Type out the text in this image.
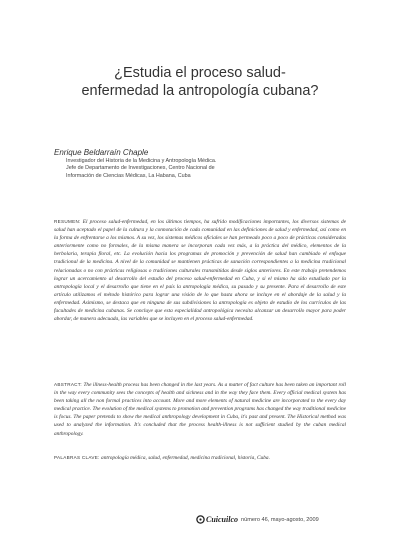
¿Estudia el proceso salud-
enfermedad la antropología cubana?
Enrique Beldarraín Chaple
Investigador del Historia de la Medicina y Antropología Médica.
Jefe de Departamento de Investigaciones, Centro Nacional de
Información de Ciencias Médicas, La Habana, Cuba
RESUMEN: El proceso salud-enfermedad, en los últimos tiempos, ha sufrido modificaciones importantes, los diversos sistemas de salud han aceptado el papel de la cultura y la connotación de cada comunidad en las definiciones de salud y enfermedad, así como en la forma de enfrentarse a los mismos. A su vez, los sistemas médicos oficiales se han permeado poco a poco de prácticas consideradas anteriormente como no formales, de la misma manera se incorporan cada vez más, a la práctica del médico, elementos de la herbolaria, terapia floral, etc. La evolución hacia los programas de promoción y prevención de salud han cambiado el enfoque tradicional de la medicina. A nivel de la comunidad se mantienen prácticas de sanación correspondientes a la medicina tradicional relacionadas o no con prácticas religiosas o tradiciones culturales transmitidas desde siglos anteriores. En este trabajo pretendemos lograr un acercamiento al desarrollo del estudio del proceso salud-enfermedad en Cuba, y si el mismo ha sido estudiado por la antropología local y el desarrollo que tiene en el país la antropología médica, su pasado y su presente. Para el desarrollo de este artículo utilizamos el método histórico para lograr una visión de lo que hasta ahora se incluye en el abordaje de la salud y la enfermedad. Asimismo, se destaca que en ninguna de sus subdivisiones la antropología es objeto de estudio de los currículos de las facultades de medicina cubanas. Se concluye que esta especialidad antropológica necesita alcanzar un desarrollo mayor para poder abordar, de manera adecuada, las variables que se incluyen en el proceso salud-enfermedad.
ABSTRACT: The illness-health process has been changed in the last years. As a matter of fact culture has been taken an important roll in the way every community sees the concepts of health and sickness and in the way they face them. Every official medical system has been taking all the non formal practices into account. More and more elements of natural medicine are incorporated to the every day medical practice. The evolution of the medical systems to promotion and prevention programs has changed the way traditional medicine is focus. The paper pretends to show the medical anthropology development in Cuba, it's past and present. The Historical method was used to analyzed the information. It's concluded that the process health-illness is not sufficient studied by the cuban medical anthropology.
PALABRAS CLAVE: antropología médica, salud, enfermedad, medicina tradicional, historia, Cuba.
Cuicuilco número 46, mayo-agosto, 2009
